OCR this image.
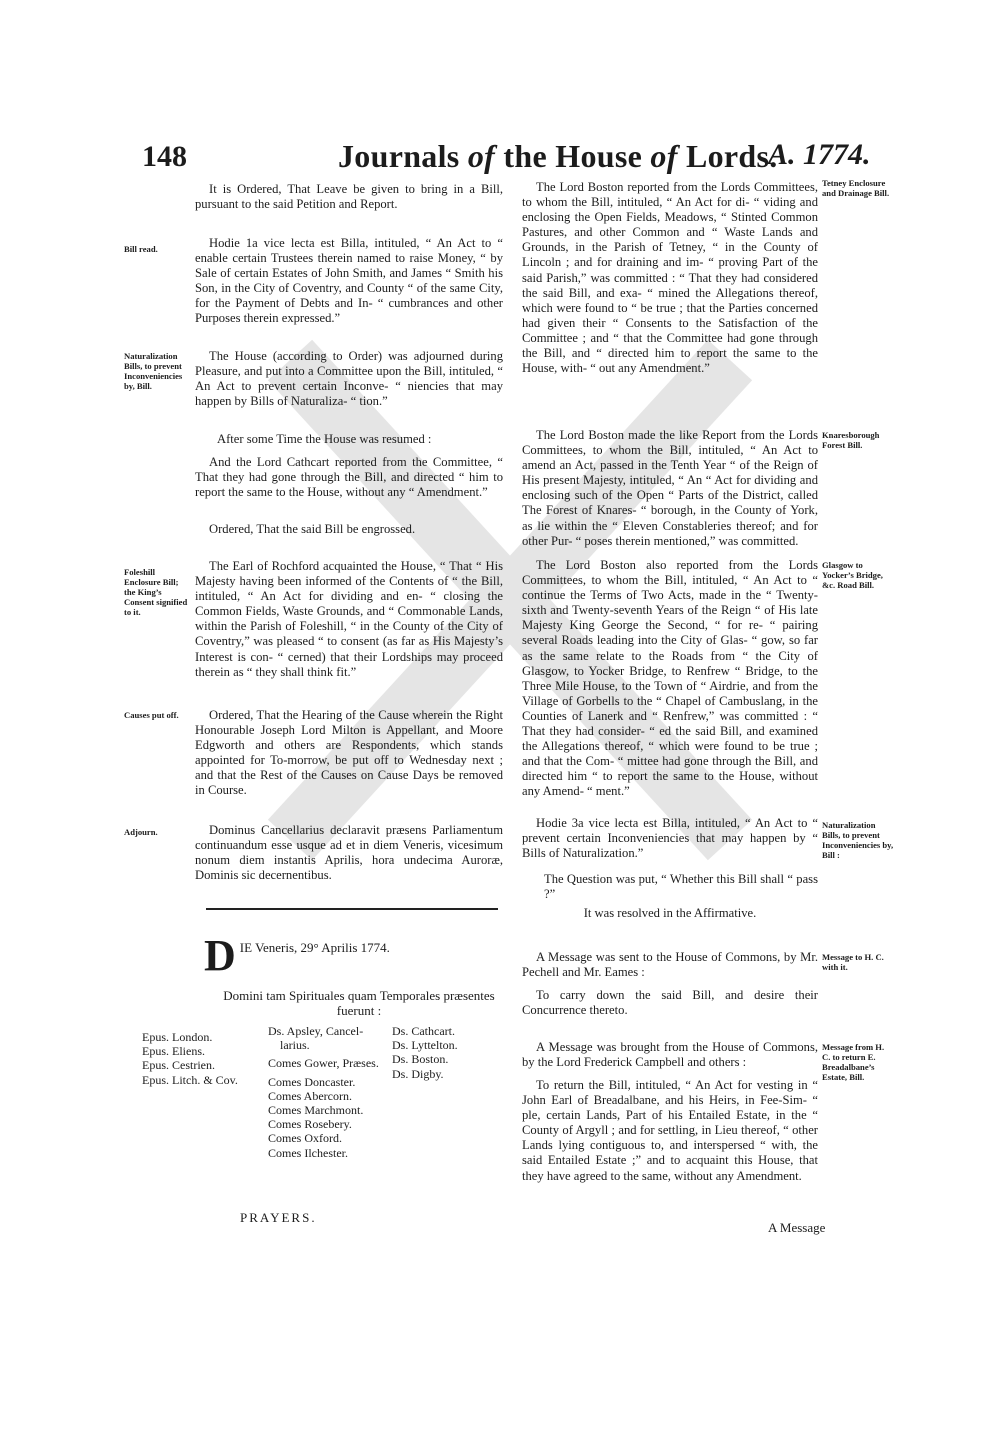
148	Journals of the House of Lords.
A. 1774.

It is Ordered, That Leave be given to bring in a Bill, pursuant to the said Petition and Report.

Hodie 1a vice lecta est Billa, intituled, “ An Act to “ enable certain Trustees therein named to raise Money, “ by Sale of certain Estates of John Smith, and James “ Smith his Son, in the City of Coventry, and County “ of the same City, for the Payment of Debts and In- “ cumbrances and other Purposes therein expressed.”

The House (according to Order) was adjourned during Pleasure, and put into a Committee upon the Bill, intituled, “ An Act to prevent certain Inconve- “ niencies that may happen by Bills of Naturaliza- “ tion.”

After some Time the House was resumed :

And the Lord Cathcart reported from the Committee, “ That they had gone through the Bill, and directed “ him to report the same to the House, without any “ Amendment.”

Ordered, That the said Bill be engrossed.

The Earl of Rochford acquainted the House, “ That “ His Majesty having been informed of the Contents of “ the Bill, intituled, “ An Act for dividing and en- “ closing the Common Fields, Waste Grounds, and “ Commonable Lands, within the Parish of Foleshill, “ in the County of the City of Coventry,” was pleased “ to consent (as far as His Majesty’s Interest is con- “ cerned) that their Lordships may proceed therein as “ they shall think fit.”

Ordered, That the Hearing of the Cause wherein the Right Honourable Joseph Lord Milton is Appellant, and Moore Edgworth and others are Respondents, which stands appointed for To-morrow, be put off to Wednesday next ; and that the Rest of the Causes on Cause Days be removed in Course.

Dominus Cancellarius declaravit præsens Parliamentum continuandum esse usque ad et in diem Veneris, vicesimum nonum diem instantis Aprilis, hora undecima Auroræ, Dominis sic decernentibus.

Bill read.
Naturalization Bills, to prevent Inconveniencies by, Bill.
Foleshill Enclosure Bill; the King’s Consent signified to it.
Causes put off.
Adjourn.
DIE Veneris, 29° Aprilis 1774.
Domini tam Spirituales quam Temporales præsentes fuerunt :
Epus. London.
Epus. Eliens.
Epus. Cestrien.
Epus. Litch. & Cov.
Ds. Apsley, Cancel-
larius.
Comes Gower, Præses.
Comes Doncaster.
Comes Abercorn.
Comes Marchmont.
Comes Rosebery.
Comes Oxford.
Comes Ilchester.
Ds. Cathcart.
Ds. Lyttelton.
Ds. Boston.
Ds. Digby.
PRAYERS.

The Lord Boston reported from the Lords Committees, to whom the Bill, intituled, “ An Act for di- “ viding and enclosing the Open Fields, Meadows, “ Stinted Common Pastures, and other Common and “ Waste Lands and Grounds, in the Parish of Tetney, “ in the County of Lincoln ; and for draining and im- “ proving Part of the said Parish,” was committed : “ That they had considered the said Bill, and exa- “ mined the Allegations thereof, which were found to “ be true ; that the Parties concerned had given their “ Consents to the Satisfaction of the Committee ; and “ that the Committee had gone through the Bill, and “ directed him to report the same to the House, with- “ out any Amendment.”

The Lord Boston made the like Report from the Lords Committees, to whom the Bill, intituled, “ An Act to amend an Act, passed in the Tenth Year “ of the Reign of His present Majesty, intituled, “ An “ Act for dividing and enclosing such of the Open “ Parts of the District, called The Forest of Knares- “ borough, in the County of York, as lie within the “ Eleven Constableries thereof; and for other Pur- “ poses therein mentioned,” was committed.

The Lord Boston also reported from the Lords Committees, to whom the Bill, intituled, “ An Act to “ continue the Terms of Two Acts, made in the “ Twenty-sixth and Twenty-seventh Years of the Reign “ of His late Majesty King George the Second, “ for re- “ pairing several Roads leading into the City of Glas- “ gow, so far as the same relate to the Roads from “ the City of Glasgow, to Yocker Bridge, to Renfrew “ Bridge, to the Three Mile House, to the Town of “ Airdrie, and from the Village of Gorbells to the “ Chapel of Cambuslang, in the Counties of Lanerk and “ Renfrew,” was committed : “ That they had consider- “ ed the said Bill, and examined the Allegations thereof, “ which were found to be true ; and that the Com- “ mittee had gone through the Bill, and directed him “ to report the same to the House, without any Amend- “ ment.”

Hodie 3a vice lecta est Billa, intituled, “ An Act to “ prevent certain Inconveniencies that may happen by “ Bills of Naturalization.”

The Question was put, “ Whether this Bill shall “ pass ?”

It was resolved in the Affirmative.

A Message was sent to the House of Commons, by Mr. Pechell and Mr. Eames :

To carry down the said Bill, and desire their Concurrence thereto.

A Message was brought from the House of Commons, by the Lord Frederick Campbell and others :

To return the Bill, intituled, “ An Act for vesting in “ John Earl of Breadalbane, and his Heirs, in Fee-Sim- “ ple, certain Lands, Part of his Entailed Estate, in the “ County of Argyll ; and for settling, in Lieu thereof, “ other Lands lying contiguous to, and interspersed “ with, the said Entailed Estate ;” and to acquaint this House, that they have agreed to the same, without any Amendment.

Tetney Enclosure and Drainage Bill.
Knaresborough Forest Bill.
Glasgow to Yocker’s Bridge, &c. Road Bill.
Naturalization Bills, to prevent Inconveniencies by, Bill :
Message to H. C. with it.
Message from H. C. to return E. Breadalbane’s Estate, Bill.
A Message
